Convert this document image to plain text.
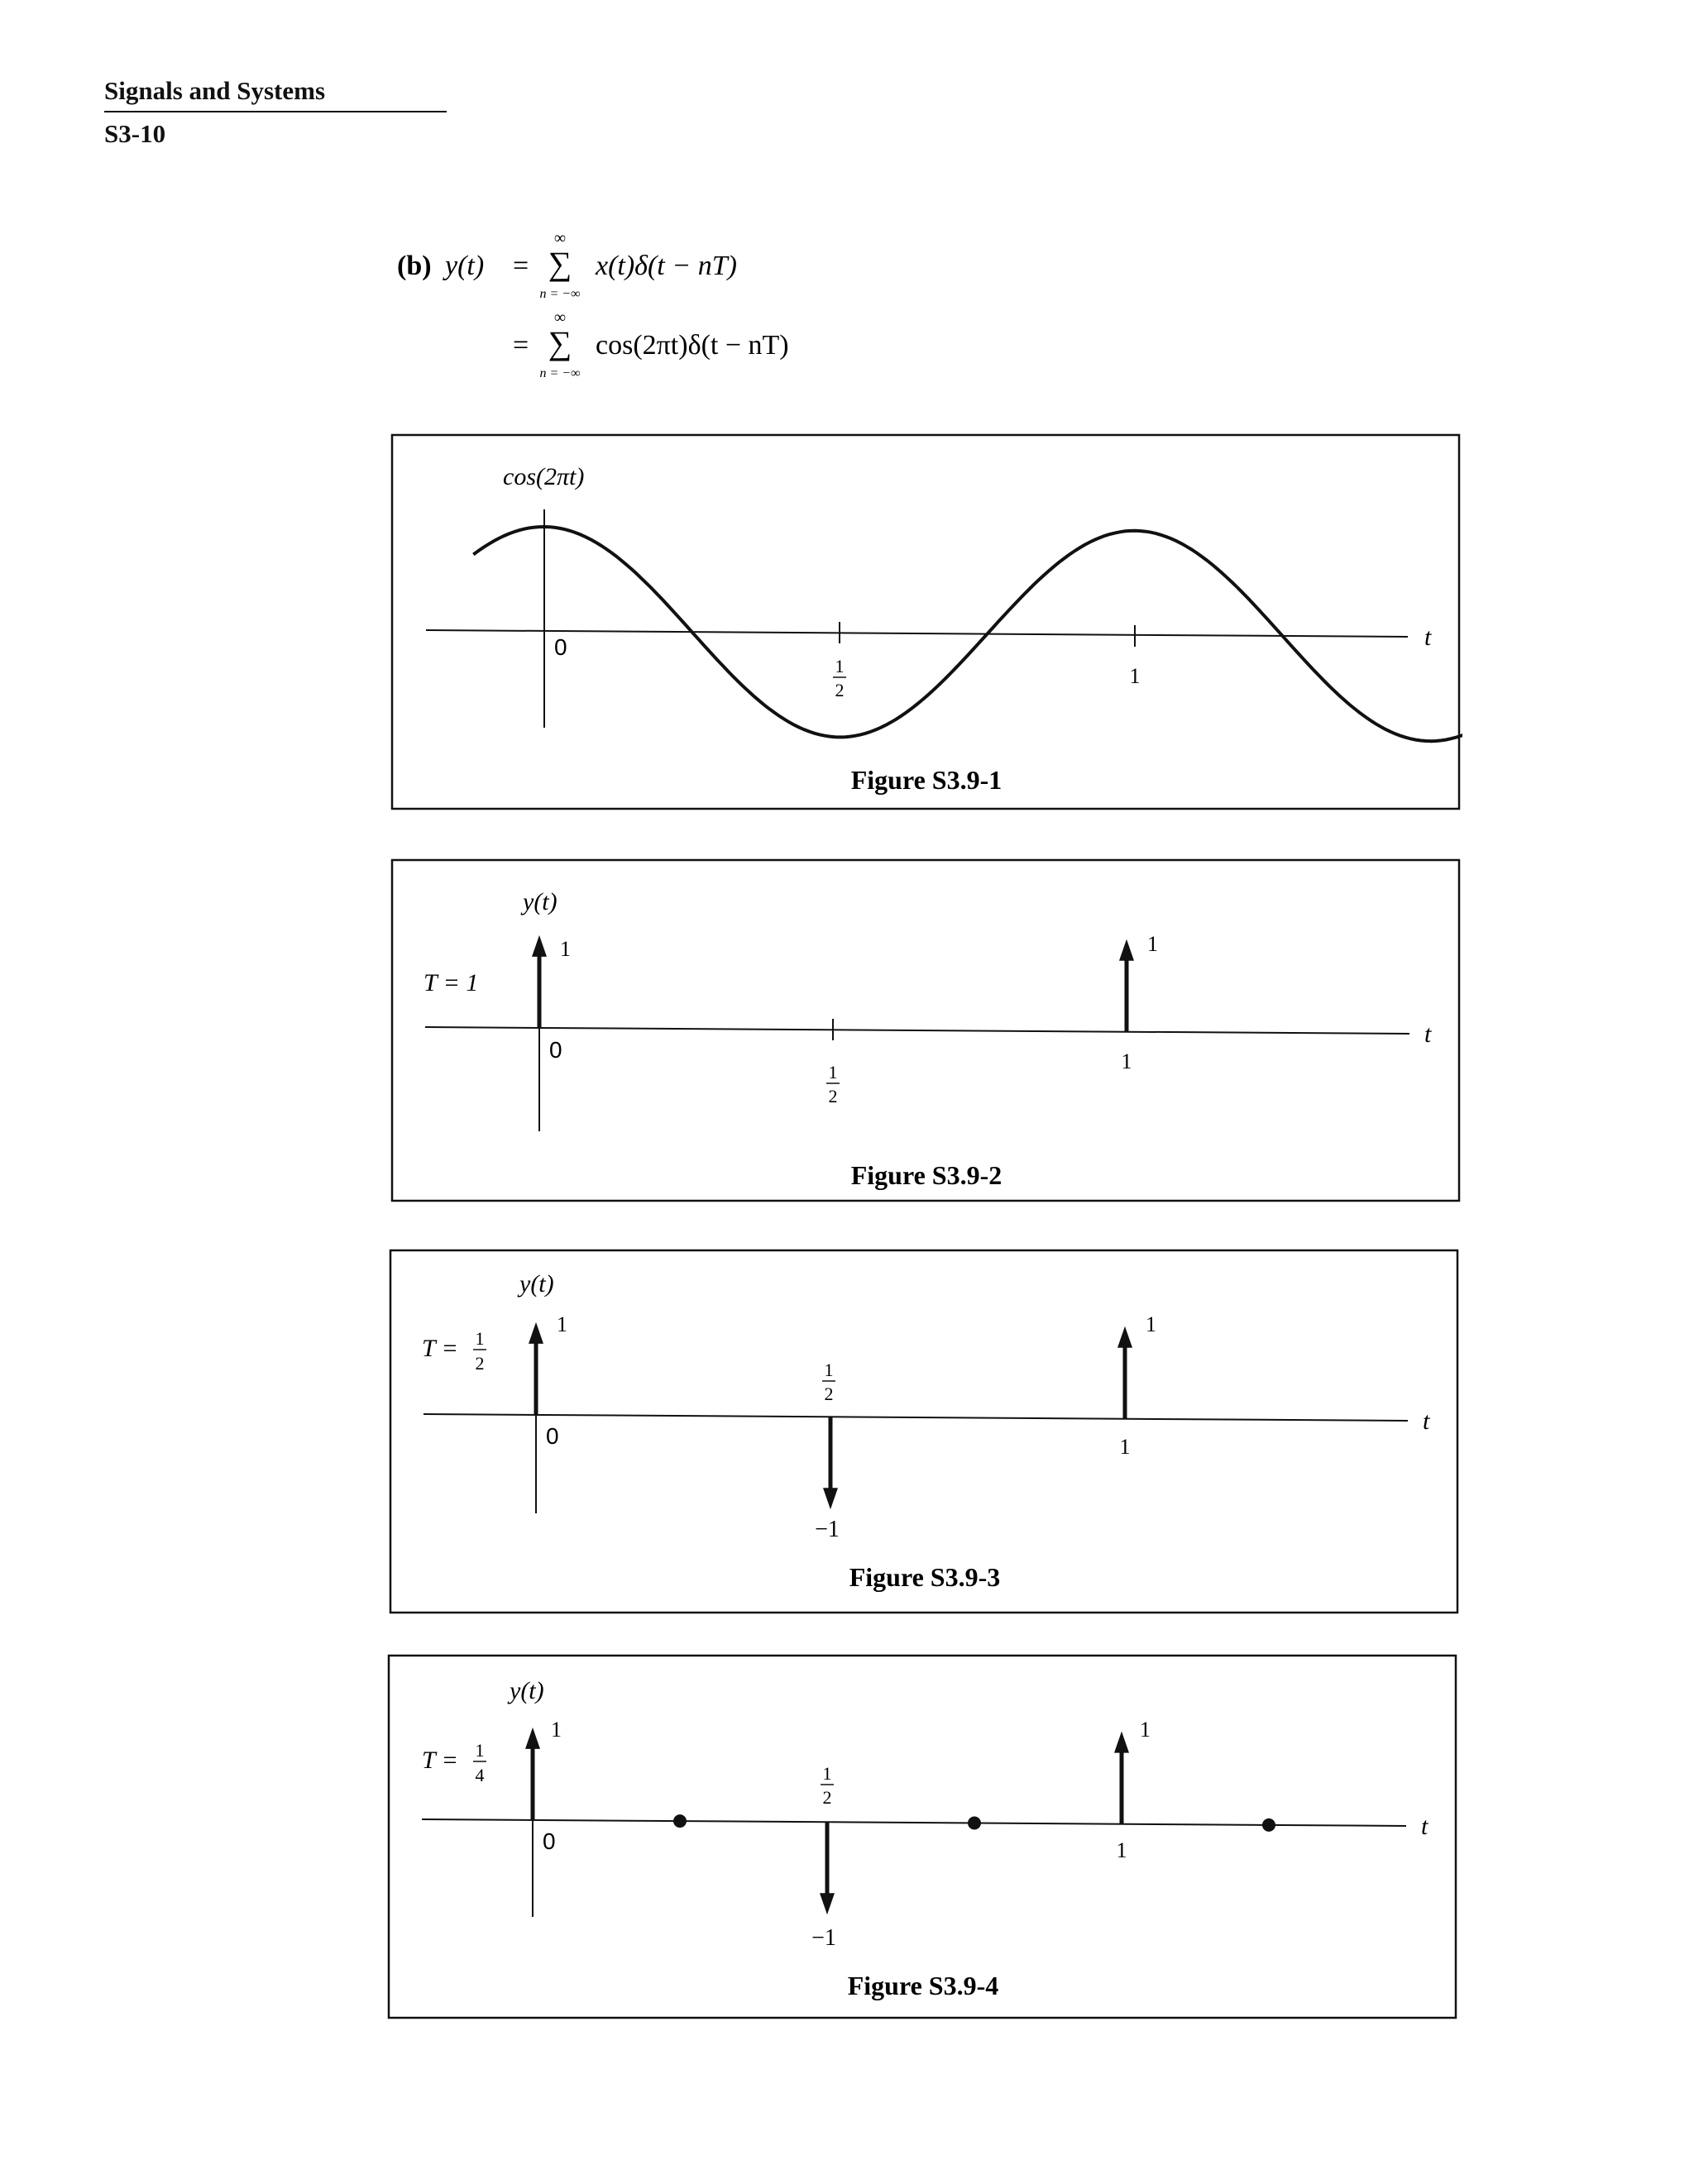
Signals and Systems
S3-10
(b) y(t) =
∞
∑
n = −∞
x(t)δ(t − nT)
=
∞
∑
n = −∞
cos(2πt)δ(t − nT)
cos(2πt)
t
0
1
2
1
Figure S3.9-1
y(t)
t
T = 1
0
1
2
1
1	1
Figure S3.9-2
y(t)
t
T = 1
2
0
1
2
1
1	1
−1
Figure S3.9-3
y(t)
t
T = 1
4
0
1
2
1
1	1
−1
Figure S3.9-4
